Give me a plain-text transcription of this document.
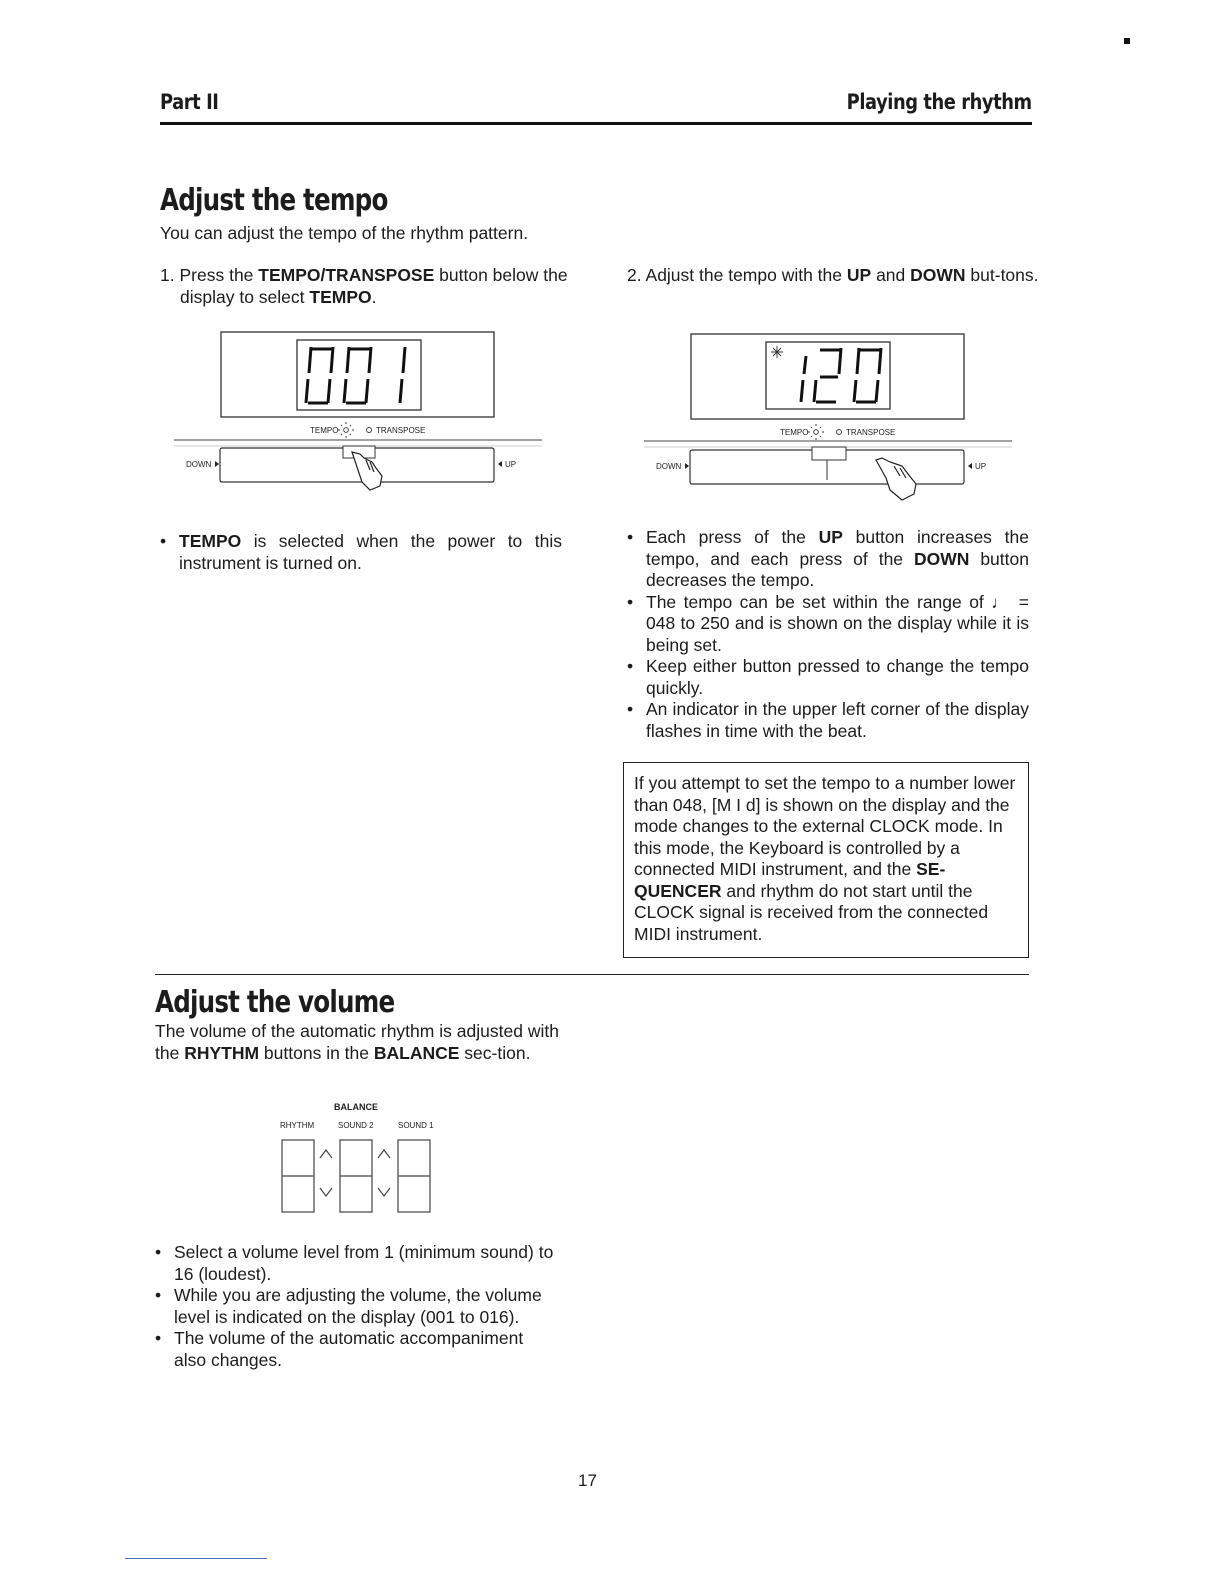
Part II	Playing the rhythm
Adjust the tempo

You can adjust the tempo of the rhythm pattern.

1. Press the TEMPO/TRANSPOSE button below the display to select TEMPO.

2. Adjust the tempo with the UP and DOWN but-tons.

TEMPO	TRANSPOSE
DOWN	UP
TEMPO	TRANSPOSE
DOWN	UP
• TEMPO is selected when the power to this instrument is turned on.
• Each press of the UP button increases the tempo, and each press of the DOWN button decreases the tempo.
• The tempo can be set within the range of ♩ = 048 to 250 and is shown on the display while it is being set.
• Keep either button pressed to change the tempo quickly.
• An indicator in the upper left corner of the display flashes in time with the beat.

If you attempt to set the tempo to a number lower than 048, [M I d] is shown on the display and the mode changes to the external CLOCK mode. In this mode, the Keyboard is controlled by a connected MIDI instrument, and the SE-QUENCER and rhythm do not start until the CLOCK signal is received from the connected MIDI instrument.

Adjust the volume

The volume of the automatic rhythm is adjusted with the RHYTHM buttons in the BALANCE sec-tion.

BALANCE
RHYTHM	SOUND 2	SOUND 1
• Select a volume level from 1 (minimum sound) to 16 (loudest).
• While you are adjusting the volume, the volume level is indicated on the display (001 to 016).
• The volume of the automatic accompaniment also changes.
17
